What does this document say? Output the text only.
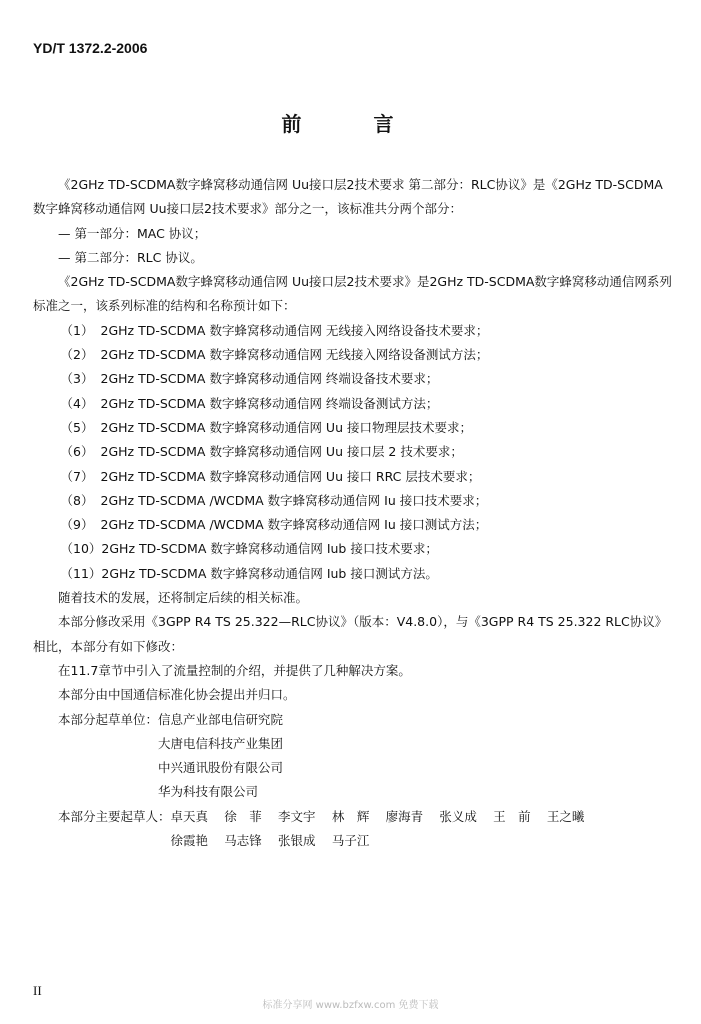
YD/T 1372.2-2006
前　言

《2GHz TD-SCDMA数字蜂窝移动通信网 Uu接口层2技术要求 第二部分：RLC协议》是《2GHz TD-SCDMA数字蜂窝移动通信网 Uu接口层2技术要求》部分之一，该标准共分两个部分：

— 第一部分：MAC 协议；

— 第二部分：RLC 协议。

《2GHz TD-SCDMA数字蜂窝移动通信网 Uu接口层2技术要求》是2GHz TD-SCDMA数字蜂窝移动通信网系列标准之一，该系列标准的结构和名称预计如下：

（1） 2GHz TD-SCDMA 数字蜂窝移动通信网 无线接入网络设备技术要求；
（2） 2GHz TD-SCDMA 数字蜂窝移动通信网 无线接入网络设备测试方法；
（3） 2GHz TD-SCDMA 数字蜂窝移动通信网 终端设备技术要求；
（4） 2GHz TD-SCDMA 数字蜂窝移动通信网 终端设备测试方法；
（5） 2GHz TD-SCDMA 数字蜂窝移动通信网 Uu 接口物理层技术要求；
（6） 2GHz TD-SCDMA 数字蜂窝移动通信网 Uu 接口层 2 技术要求；
（7） 2GHz TD-SCDMA 数字蜂窝移动通信网 Uu 接口 RRC 层技术要求；
（8） 2GHz TD-SCDMA /WCDMA 数字蜂窝移动通信网 Iu 接口技术要求；
（9） 2GHz TD-SCDMA /WCDMA 数字蜂窝移动通信网 Iu 接口测试方法；
（10）2GHz TD-SCDMA 数字蜂窝移动通信网 Iub 接口技术要求；
（11）2GHz TD-SCDMA 数字蜂窝移动通信网 Iub 接口测试方法。

随着技术的发展，还将制定后续的相关标准。

本部分修改采用《3GPP R4 TS 25.322—RLC协议》（版本：V4.8.0），与《3GPP R4 TS 25.322 RLC协议》相比，本部分有如下修改：

在11.7章节中引入了流量控制的介绍，并提供了几种解决方案。

本部分由中国通信标准化协会提出并归口。

本部分起草单位： 信息产业部电信研究院
大唐电信科技产业集团
中兴通讯股份有限公司
华为科技有限公司
本部分主要起草人： 卓天真 徐　菲 李文宇 林　辉 廖海青 张义成 王　前 王之曦
徐霞艳 马志锋 张银成 马子江
II
标准分享网 www.bzfxw.com 免费下载
